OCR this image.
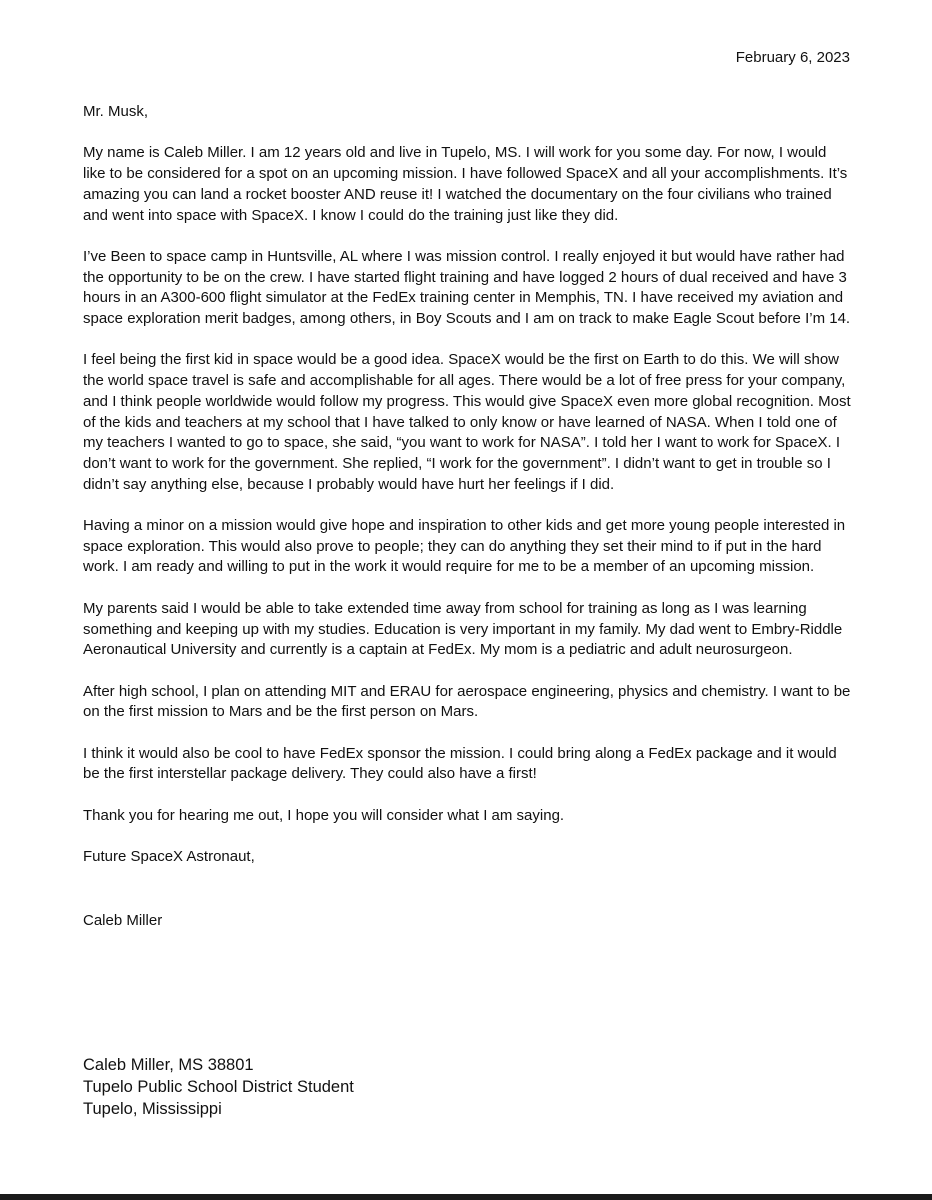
February 6, 2023

Mr. Musk,

My name is Caleb Miller. I am 12 years old and live in Tupelo, MS. I will work for you some day. For now, I would like to be considered for a spot on an upcoming mission. I have followed SpaceX and all your accomplishments. It’s amazing you can land a rocket booster AND reuse it! I watched the documentary on the four civilians who trained and went into space with SpaceX. I know I could do the training just like they did.

I’ve Been to space camp in Huntsville, AL where I was mission control. I really enjoyed it but would have rather had the opportunity to be on the crew. I have started flight training and have logged 2 hours of dual received and have 3 hours in an A300-600 flight simulator at the FedEx training center in Memphis, TN. I have received my aviation and space exploration merit badges, among others, in Boy Scouts and I am on track to make Eagle Scout before I’m 14.

I feel being the first kid in space would be a good idea. SpaceX would be the first on Earth to do this. We will show the world space travel is safe and accomplishable for all ages. There would be a lot of free press for your company, and I think people worldwide would follow my progress. This would give SpaceX even more global recognition. Most of the kids and teachers at my school that I have talked to only know or have learned of NASA. When I told one of my teachers I wanted to go to space, she said, “you want to work for NASA”. I told her I want to work for SpaceX. I don’t want to work for the government. She replied, “I work for the government”. I didn’t want to get in trouble so I didn’t say anything else, because I probably would have hurt her feelings if I did.

Having a minor on a mission would give hope and inspiration to other kids and get more young people interested in space exploration. This would also prove to people; they can do anything they set their mind to if put in the hard work. I am ready and willing to put in the work it would require for me to be a member of an upcoming mission.

My parents said I would be able to take extended time away from school for training as long as I was learning something and keeping up with my studies. Education is very important in my family. My dad went to Embry-Riddle Aeronautical University and currently is a captain at FedEx. My mom is a pediatric and adult neurosurgeon.

After high school, I plan on attending MIT and ERAU for aerospace engineering, physics and chemistry. I want to be on the first mission to Mars and be the first person on Mars.

I think it would also be cool to have FedEx sponsor the mission. I could bring along a FedEx package and it would be the first interstellar package delivery. They could also have a first!

Thank you for hearing me out, I hope you will consider what I am saying.

Future SpaceX Astronaut,

Caleb Miller

Caleb Miller, MS 38801
Tupelo Public School District Student
Tupelo, Mississippi
